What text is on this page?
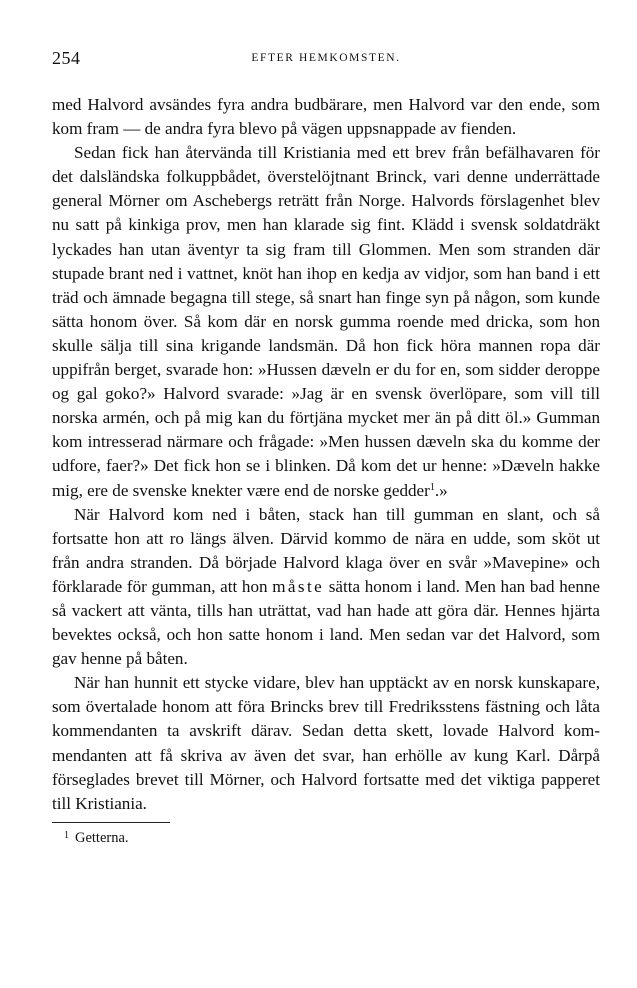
254	EFTER HEMKOMSTEN.

med Halvord avsändes fyra andra budbärare, men Halvord var den ende, som kom fram — de andra fyra blevo på vägen uppsnappade av fienden.

Sedan fick han återvända till Kristiania med ett brev från befälhavaren för det dalsländska folkuppbådet, överstelöjtnant Brinck, vari denne underrättade general Mörner om Aschebergs reträtt från Norge. Halvords förslagenhet blev nu satt på kinkiga prov, men han klarade sig fint. Klädd i svensk soldatdräkt lyckades han utan äventyr ta sig fram till Glommen. Men som stranden där stupade brant ned i vattnet, knöt han ihop en kedja av vidjor, som han band i ett träd och ämnade begagna till stege, så snart han finge syn på någon, som kunde sätta honom över. Så kom där en norsk gumma roende med dricka, som hon skulle sälja till sina krigande landsmän. Då hon fick höra mannen ropa där uppifrån berget, svarade hon: »Hussen dæveln er du for en, som sidder deroppe og gal goko?» Halvord svarade: »Jag är en svensk överlöpare, som vill till norska armén, och på mig kan du förtjäna mycket mer än på ditt öl.» Gumman kom intresserad närmare och frågade: »Men hussen dæveln ska du komme der udfore, faer?» Det fick hon se i blinken. Då kom det ur henne: »Dæveln hakke mig, ere de svenske knekter være end de norske gedder$^1$.»

När Halvord kom ned i båten, stack han till gumman en slant, och så fortsatte hon att ro längs älven. Därvid kommo de nära en udde, som sköt ut från andra stranden. Då började Halvord klaga över en svår »Mavepine» och förklarade för gumman, att hon måste sätta honom i land. Men han bad henne så vackert att vänta, tills han uträttat, vad han hade att göra där. Hennes hjärta bevektes också, och hon satte honom i land. Men sedan var det Halvord, som gav henne på båten.

När han hunnit ett stycke vidare, blev han upptäckt av en norsk kunskapare, som övertalade honom att föra Brincks brev till Fredriksstens fästning och låta kommendanten ta avskrift därav. Sedan detta skett, lovade Halvord kommendanten att få skriva av även det svar, han erhölle av kung Karl. Dårpå förseglades brevet till Mörner, och Halvord fortsatte med det viktiga papperet till Kristiania.

$^1$ Getterna.
